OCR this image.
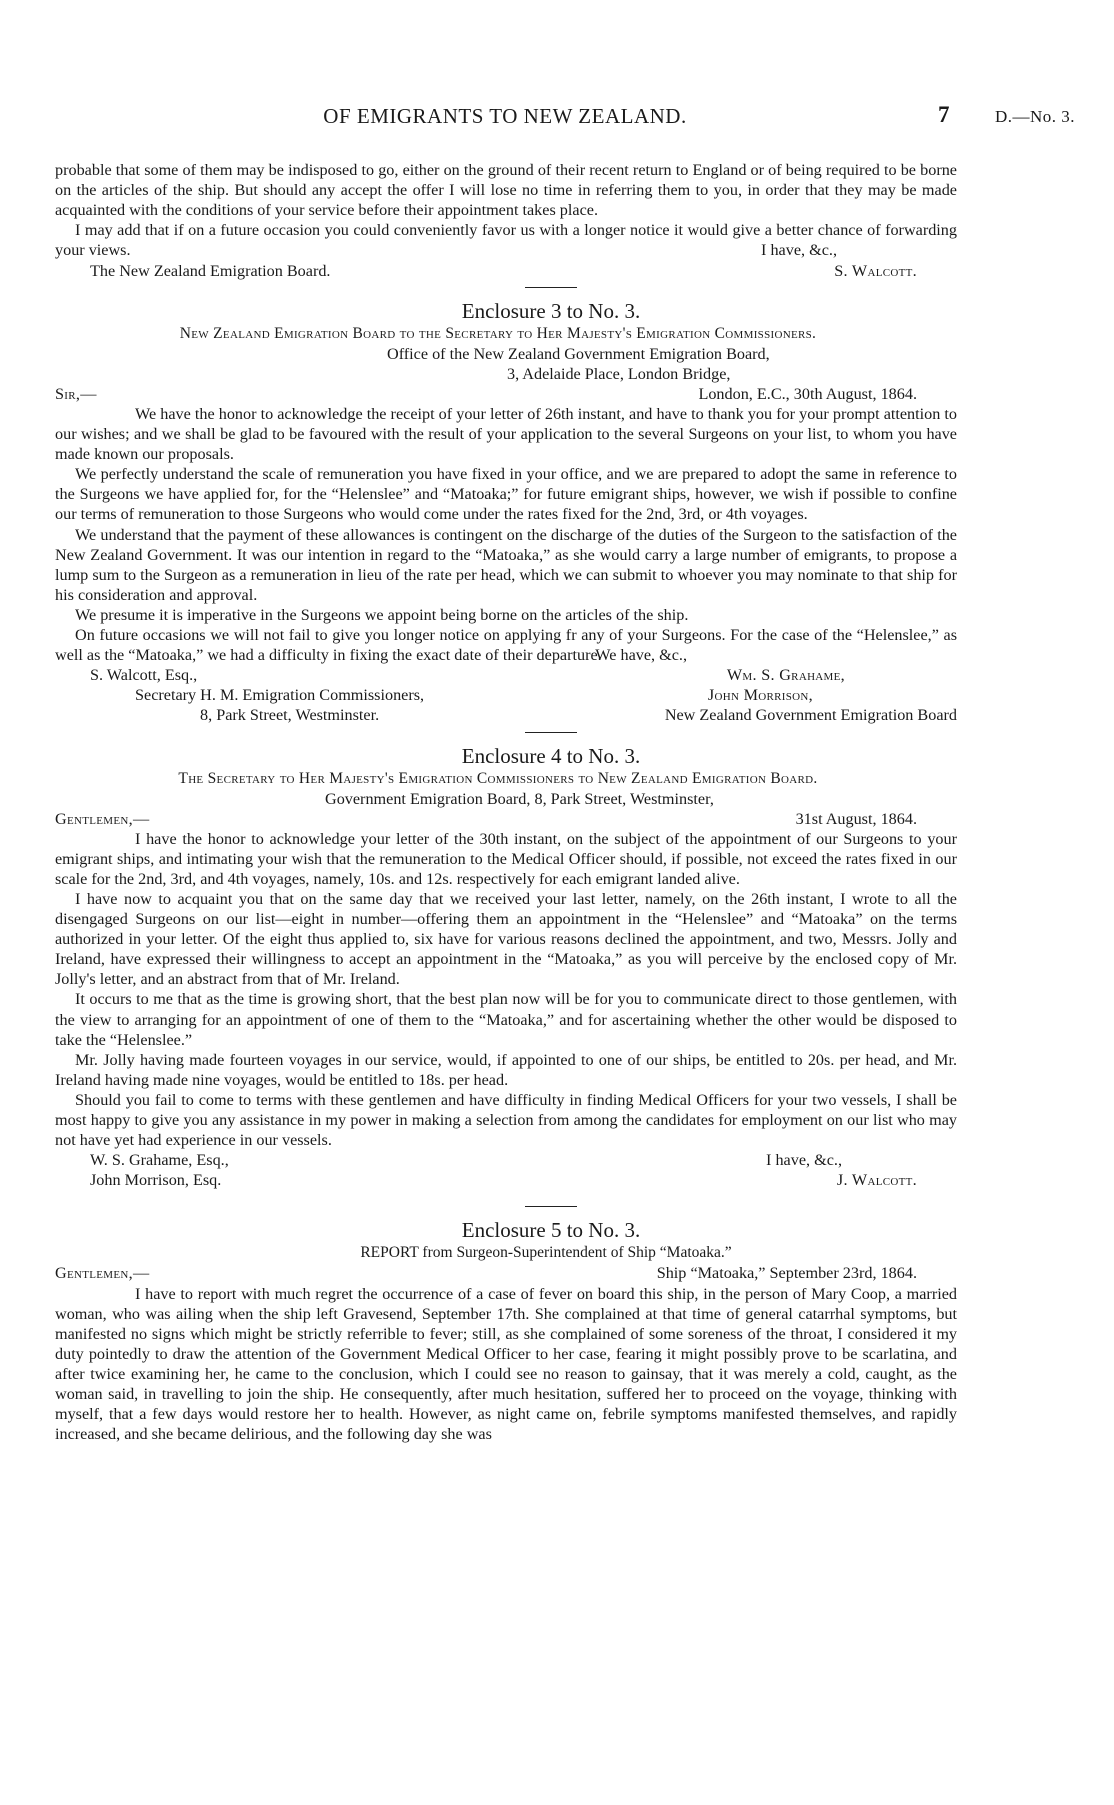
OF EMIGRANTS TO NEW ZEALAND.	7	D.—No. 3.

probable that some of them may be indisposed to go, either on the ground of their recent return to England or of being required to be borne on the articles of the ship. But should any accept the offer I will lose no time in referring them to you, in order that they may be made acquainted with the conditions of your service before their appointment takes place.

I may add that if on a future occasion you could conveniently favor us with a longer notice it would give a better chance of forwarding your views.	I have, &c.,
The New Zealand Emigration Board.	S. Walcott.
Enclosure 3 to No. 3.
New Zealand Emigration Board to the Secretary to Her Majesty's Emigration Commissioners.
Office of the New Zealand Government Emigration Board,
3, Adelaide Place, London Bridge,
Sir,—	London, E.C., 30th August, 1864.

We have the honor to acknowledge the receipt of your letter of 26th instant, and have to thank you for your prompt attention to our wishes; and we shall be glad to be favoured with the result of your application to the several Surgeons on your list, to whom you have made known our proposals.

We perfectly understand the scale of remuneration you have fixed in your office, and we are prepared to adopt the same in reference to the Surgeons we have applied for, for the “Helenslee” and “Matoaka;” for future emigrant ships, however, we wish if possible to confine our terms of remuneration to those Surgeons who would come under the rates fixed for the 2nd, 3rd, or 4th voyages.

We understand that the payment of these allowances is contingent on the discharge of the duties of the Surgeon to the satisfaction of the New Zealand Government. It was our intention in regard to the “Matoaka,” as she would carry a large number of emigrants, to propose a lump sum to the Surgeon as a remuneration in lieu of the rate per head, which we can submit to whoever you may nominate to that ship for his consideration and approval.

We presume it is imperative in the Surgeons we appoint being borne on the articles of the ship.

On future occasions we will not fail to give you longer notice on applying fr any of your Surgeons. For the case of the “Helenslee,” as well as the “Matoaka,” we had a difficulty in fixing the exact date of their departure.

We have, &c.,
S. Walcott, Esq.,	Wm. S. Grahame,
Secretary H. M. Emigration Commissioners,	John Morrison,
8, Park Street, Westminster.	New Zealand Government Emigration Board
Enclosure 4 to No. 3.
The Secretary to Her Majesty's Emigration Commissioners to New Zealand Emigration Board.
Government Emigration Board, 8, Park Street, Westminster,
Gentlemen,—	31st August, 1864.

I have the honor to acknowledge your letter of the 30th instant, on the subject of the appointment of our Surgeons to your emigrant ships, and intimating your wish that the remuneration to the Medical Officer should, if possible, not exceed the rates fixed in our scale for the 2nd, 3rd, and 4th voyages, namely, 10s. and 12s. respectively for each emigrant landed alive.

I have now to acquaint you that on the same day that we received your last letter, namely, on the 26th instant, I wrote to all the disengaged Surgeons on our list—eight in number—offering them an appointment in the “Helenslee” and “Matoaka” on the terms authorized in your letter. Of the eight thus applied to, six have for various reasons declined the appointment, and two, Messrs. Jolly and Ireland, have expressed their willingness to accept an appointment in the “Matoaka,” as you will perceive by the enclosed copy of Mr. Jolly's letter, and an abstract from that of Mr. Ireland.

It occurs to me that as the time is growing short, that the best plan now will be for you to communicate direct to those gentlemen, with the view to arranging for an appointment of one of them to the “Matoaka,” and for ascertaining whether the other would be disposed to take the “Helenslee.”

Mr. Jolly having made fourteen voyages in our service, would, if appointed to one of our ships, be entitled to 20s. per head, and Mr. Ireland having made nine voyages, would be entitled to 18s. per head.

Should you fail to come to terms with these gentlemen and have difficulty in finding Medical Officers for your two vessels, I shall be most happy to give you any assistance in my power in making a selection from among the candidates for employment on our list who may not have yet had experience in our vessels.

W. S. Grahame, Esq.,	I have, &c.,
John Morrison, Esq.	J. Walcott.
Enclosure 5 to No. 3.
REPORT from Surgeon-Superintendent of Ship “Matoaka.”
Gentlemen,—	Ship “Matoaka,” September 23rd, 1864.

I have to report with much regret the occurrence of a case of fever on board this ship, in the person of Mary Coop, a married woman, who was ailing when the ship left Gravesend, September 17th. She complained at that time of general catarrhal symptoms, but manifested no signs which might be strictly referrible to fever; still, as she complained of some soreness of the throat, I considered it my duty pointedly to draw the attention of the Government Medical Officer to her case, fearing it might possibly prove to be scarlatina, and after twice examining her, he came to the conclusion, which I could see no reason to gainsay, that it was merely a cold, caught, as the woman said, in travelling to join the ship. He consequently, after much hesitation, suffered her to proceed on the voyage, thinking with myself, that a few days would restore her to health. However, as night came on, febrile symptoms manifested themselves, and rapidly increased, and she became delirious, and the following day she was
